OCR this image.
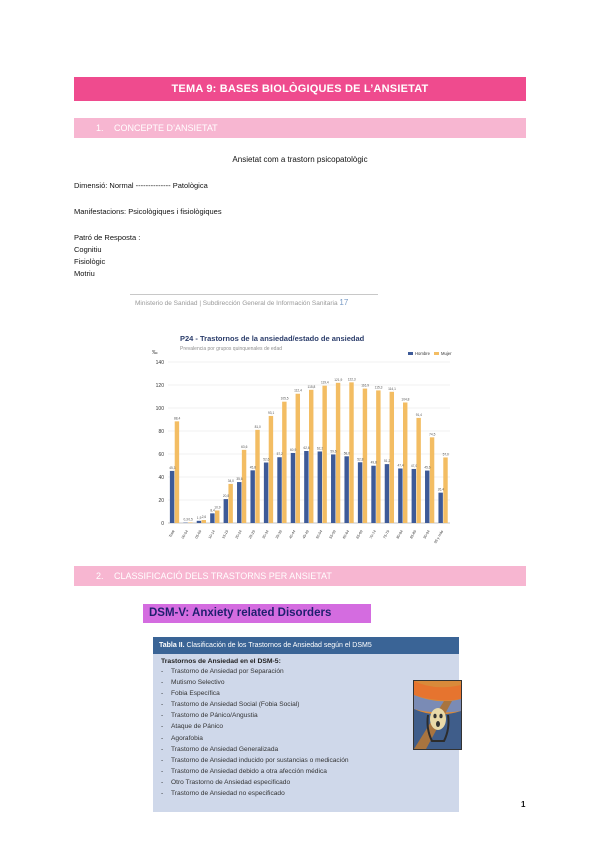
TEMA 9: BASES BIOLÒGIQUES DE L’ANSIETAT
1. CONCEPTE D’ANSIETAT
Ansietat com a trastorn psicopatològic
Dimensió: Normal -------------- Patològica
Manifestacions: Psicològiques i fisiològiques
Patró de Resposta :
Cognitiu
Fisiològic
Motriu
Ministerio de Sanidad | Subdirección General de Información Sanitaria 17
P24 - Trastornos de la ansiedad/estado de ansiedad
Prevalencia por grupos quinquenales de edad
‰	Hombre	Mujer
0
20
40
60
80
100
120
140
45,3
88,4
0,3 0,5 1,9 2,6
8,4
10,9
20,8
34,0 35,6
63,6
45,8
81,0
52,6
93,1
57,2
105,5
60,9
112,4
62,6
115,8
62,2
119,4
59,6
121,9
58,0
122,3
52,8
116,9
49,8
115,3
51,2
114,1
47,4
104,8
47,0
91,4
45,6
74,5
26,4
57,0
Total 00-04 05-09 10-14 15-19 20-24 25-29 30-34 35-39 40-44 45-49 50-54 55-59 60-64 65-69 70-74 75-79 80-84 85-89 90-94 95 y más
2. CLASSIFICACIÓ DELS TRASTORNS PER ANSIETAT
DSM-V: Anxiety related Disorders
Tabla II. Clasificación de los Trastornos de Ansiedad según el DSM5
Trastornos de Ansiedad en el DSM-5:
- Trastorno de Ansiedad por Separación
- Mutismo Selectivo
- Fobia Específica
- Trastorno de Ansiedad Social (Fobia Social)
- Trastorno de Pánico/Angustia
- Ataque de Pánico
- Agorafobia
- Trastorno de Ansiedad Generalizada
- Trastorno de Ansiedad inducido por sustancias o medicación
- Trastorno de Ansiedad debido a otra afección médica
- Otro Trastorno de Ansiedad especificado
- Trastorno de Ansiedad no especificado
1
